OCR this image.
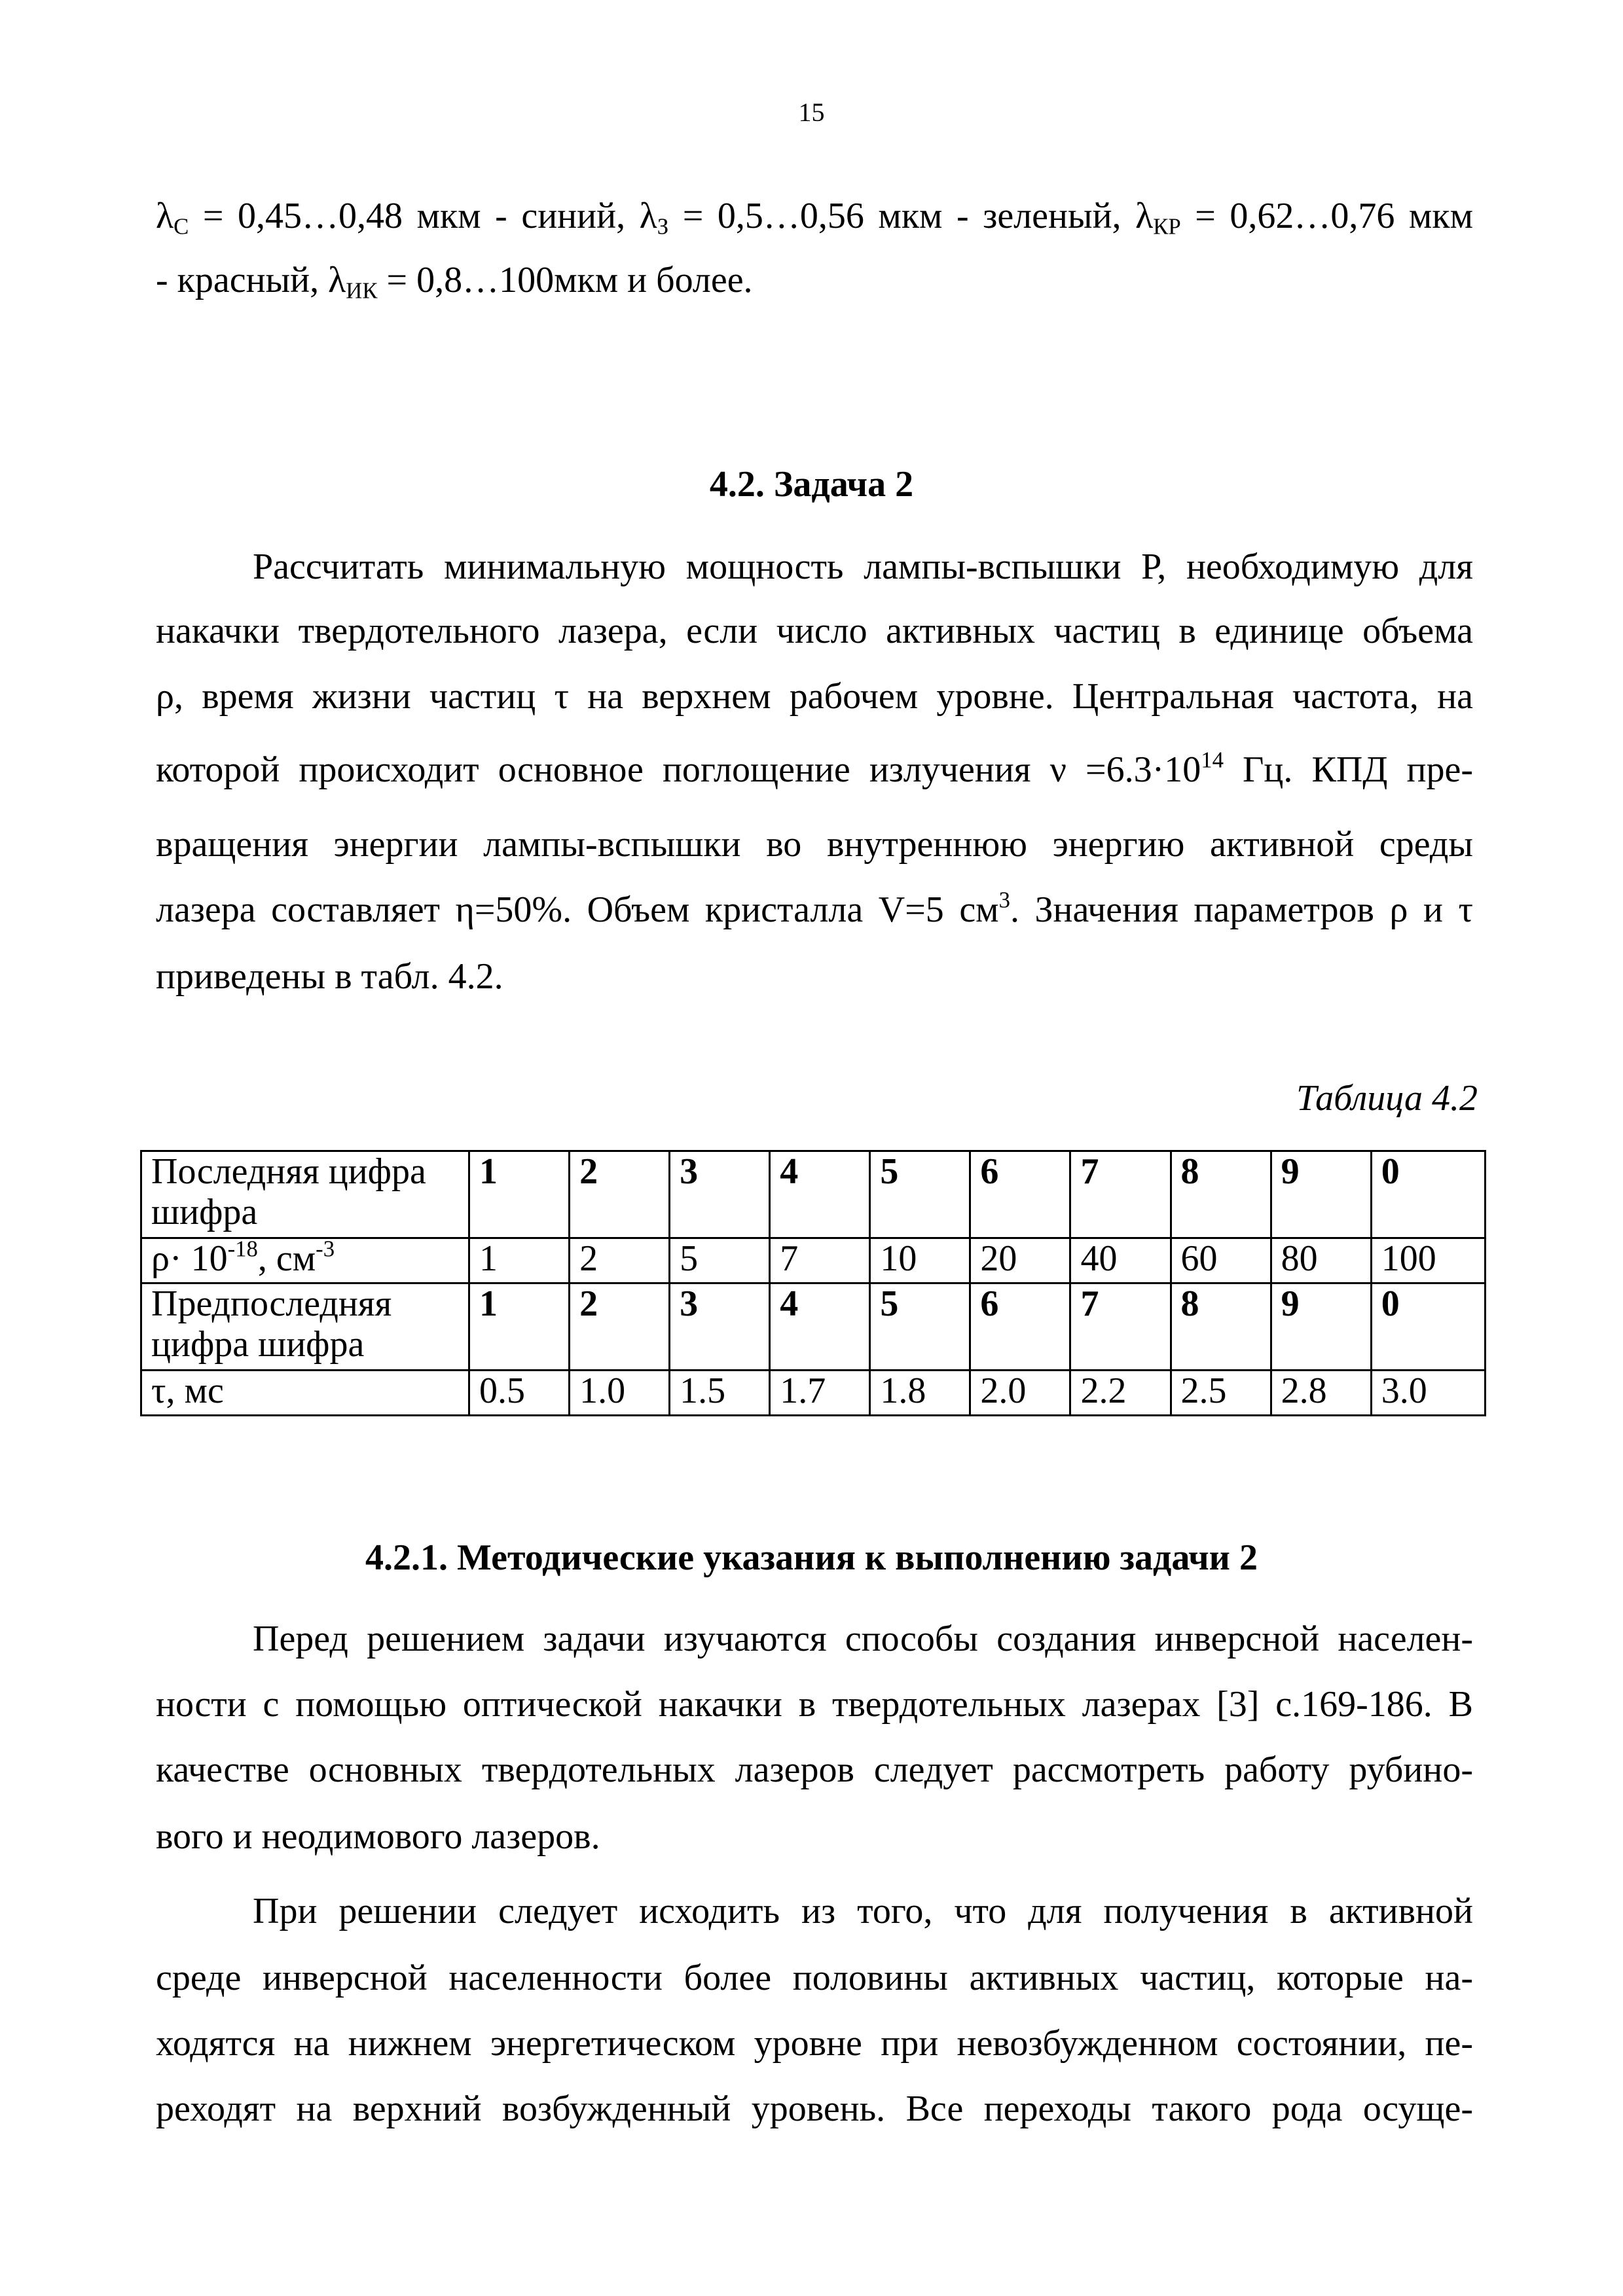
15
$\lambda_С$ = 0,45…0,48 мкм - синий, $\lambda_З$ = 0,5…0,56 мкм - зеленый, $\lambda_{КР}$ = 0,62…0,76 мкм
- красный, $\lambda_{ИК}$ = 0,8…100мкм и более.
4.2. Задача 2
Рассчитать минимальную мощность лампы-вспышки Р, необходимую для
накачки твердотельного лазера, если число активных частиц в единице объема
ρ, время жизни частиц τ на верхнем рабочем уровне. Центральная частота, на
которой происходит основное поглощение излучения $\nu =6.3\cdot 10^{14}$ Гц. КПД пре-
вращения энергии лампы-вспышки во внутреннюю энергию активной среды
лазера составляет η=50%. Объем кристалла V=5 $см^3$. Значения параметров ρ и τ
приведены в табл. 4.2.
Таблица 4.2
Последняя цифра шифра	1	2	3	4	5	6	7	8	9	0
$\rho\cdot 10^{-18}$, $см^{-3}$	1	2	5	7	10	20	40	60	80	100
Предпоследняя цифра шифра	1	2	3	4	5	6	7	8	9	0
τ, мс	0.5	1.0	1.5	1.7	1.8	2.0	2.2	2.5	2.8	3.0
4.2.1. Методические указания к выполнению задачи 2
Перед решением задачи изучаются способы создания инверсной населен-
ности с помощью оптической накачки в твердотельных лазерах [3] с.169-186. В
качестве основных твердотельных лазеров следует рассмотреть работу рубино-
вого и неодимового лазеров.
При решении следует исходить из того, что для получения в активной
среде инверсной населенности более половины активных частиц, которые на-
ходятся на нижнем энергетическом уровне при невозбужденном состоянии, пе-
реходят на верхний возбужденный уровень. Все переходы такого рода осуще-
